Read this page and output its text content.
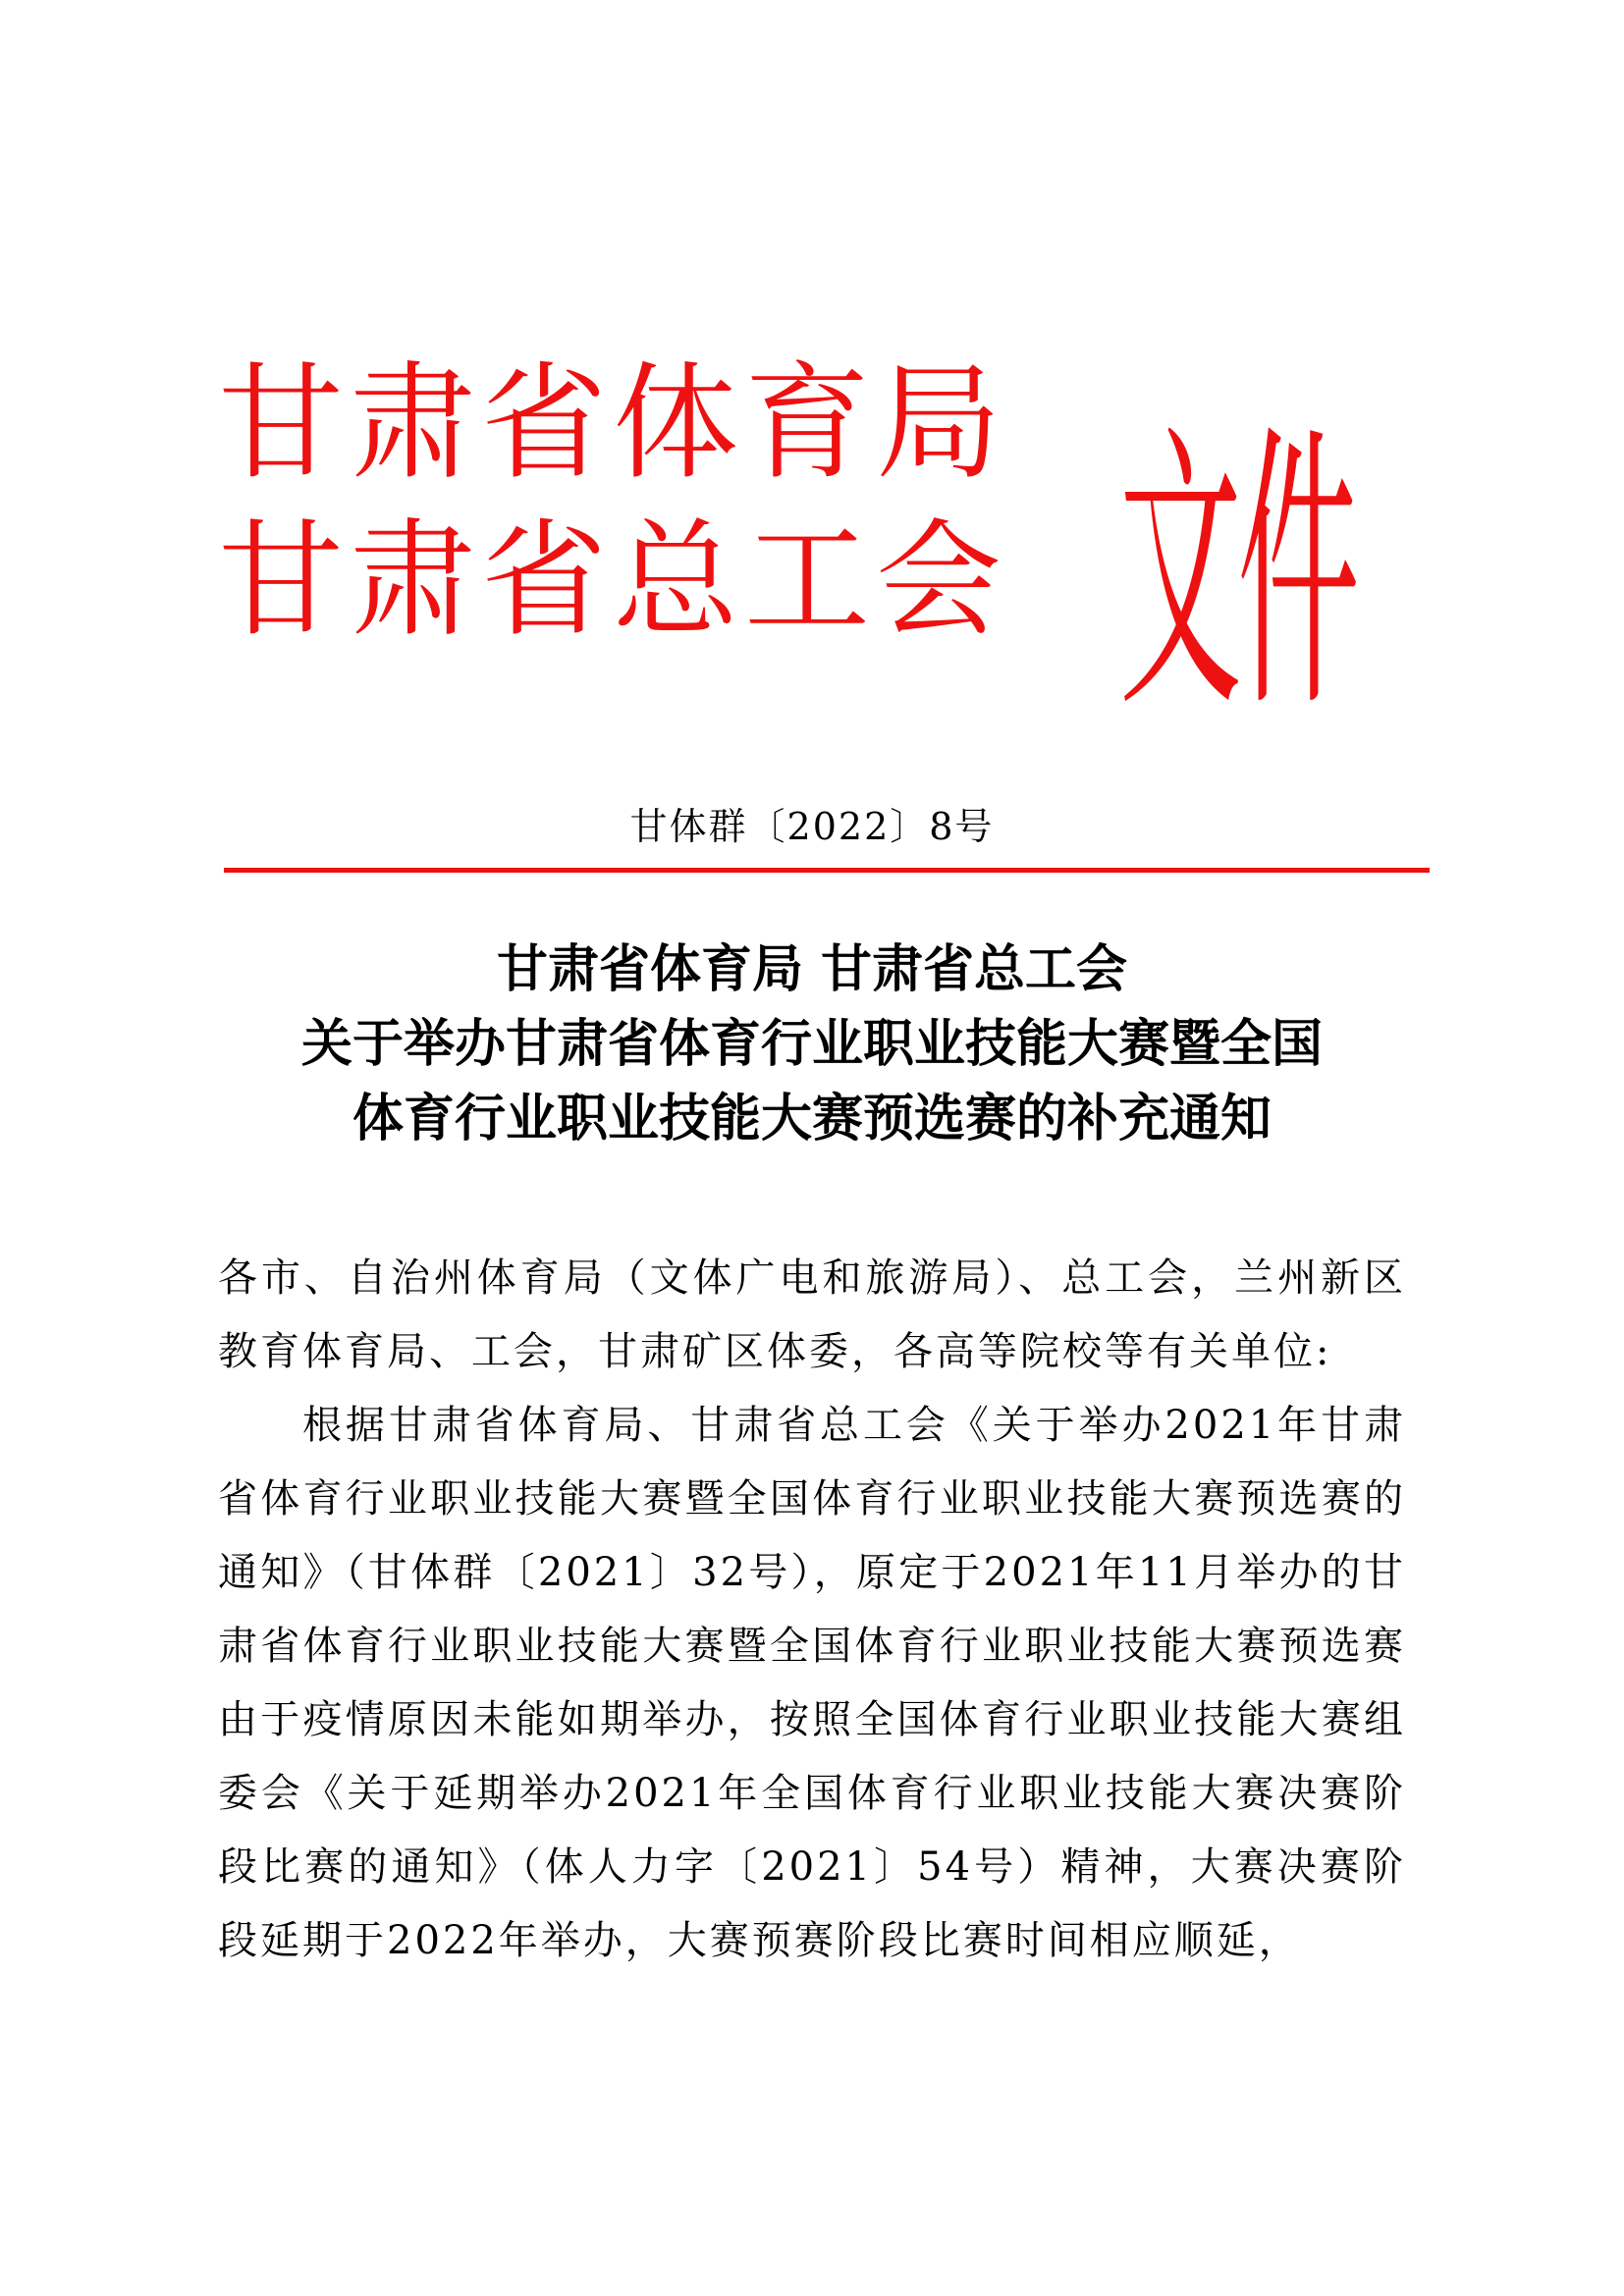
甘肃省体育局
甘肃省总工会 文件
甘体群〔2022〕8号
甘肃省体育局 甘肃省总工会
关于举办甘肃省体育行业职业技能大赛暨全国
体育行业职业技能大赛预选赛的补充通知

各市、自治州体育局（文体广电和旅游局）、总工会，兰州新区教育体育局、工会，甘肃矿区体委，各高等院校等有关单位:

根据甘肃省体育局、甘肃省总工会《关于举办2021年甘肃省体育行业职业技能大赛暨全国体育行业职业技能大赛预选赛的通知》（甘体群〔2021〕32号），原定于2021年11月举办的甘肃省体育行业职业技能大赛暨全国体育行业职业技能大赛预选赛由于疫情原因未能如期举办，按照全国体育行业职业技能大赛组委会《关于延期举办2021年全国体育行业职业技能大赛决赛阶段比赛的通知》（体人力字〔2021〕54号）精神，大赛决赛阶段延期于2022年举办，大赛预赛阶段比赛时间相应顺延，
